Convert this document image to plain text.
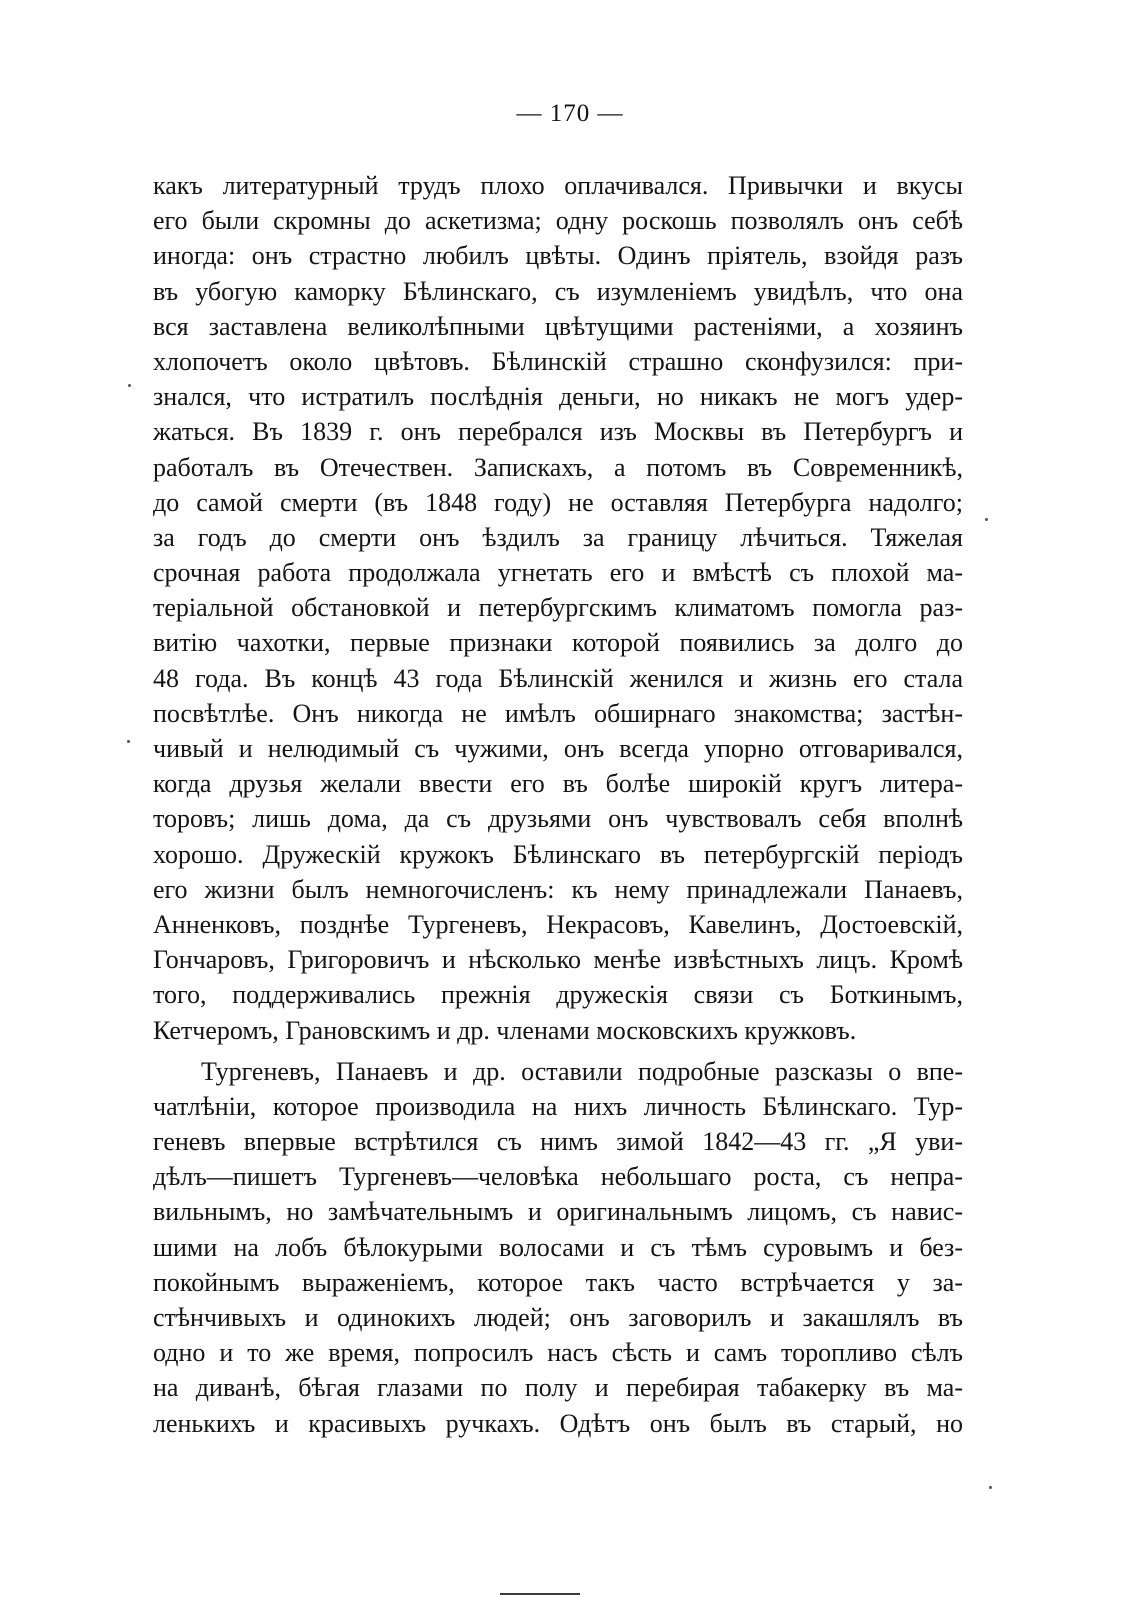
— 170 —
какъ литературный трудъ плохо оплачивался. Привычки и вкусы
его были скромны до аскетизма; одну роскошь позволялъ онъ себѣ
иногда: онъ страстно любилъ цвѣты. Одинъ пріятель, взойдя разъ
въ убогую каморку Бѣлинскаго, съ изумленіемъ увидѣлъ, что она
вся заставлена великолѣпными цвѣтущими растеніями, а хозяинъ
хлопочетъ около цвѣтовъ. Бѣлинскій страшно сконфузился: при-
знался, что истратилъ послѣднія деньги, но никакъ не могъ удер-
жаться. Въ 1839 г. онъ перебрался изъ Москвы въ Петербургъ и
работалъ въ Отечествен. Запискахъ, а потомъ въ Современникѣ,
до самой смерти (въ 1848 году) не оставляя Петербурга надолго;
за годъ до смерти онъ ѣздилъ за границу лѣчиться. Тяжелая
срочная работа продолжала угнетать его и вмѣстѣ съ плохой ма-
теріальной обстановкой и петербургскимъ климатомъ помогла раз-
витію чахотки, первые признаки которой появились за долго до
48 года. Въ концѣ 43 года Бѣлинскій женился и жизнь его стала
посвѣтлѣе. Онъ никогда не имѣлъ обширнаго знакомства; застѣн-
чивый и нелюдимый съ чужими, онъ всегда упорно отговаривался,
когда друзья желали ввести его въ болѣе широкій кругъ литера-
торовъ; лишь дома, да съ друзьями онъ чувствовалъ себя вполнѣ
хорошо. Дружескій кружокъ Бѣлинскаго въ петербургскій періодъ
его жизни былъ немногочисленъ: къ нему принадлежали Панаевъ,
Анненковъ, позднѣе Тургеневъ, Некрасовъ, Кавелинъ, Достоевскій,
Гончаровъ, Григоровичъ и нѣсколько менѣе извѣстныхъ лицъ. Кромѣ
того, поддерживались прежнія дружескія связи съ Боткинымъ,
Кетчеромъ, Грановскимъ и др. членами московскихъ кружковъ.
Тургеневъ, Панаевъ и др. оставили подробные разсказы о впе-
чатлѣніи, которое производила на нихъ личность Бѣлинскаго. Тур-
геневъ впервые встрѣтился съ нимъ зимой 1842—43 гг. „Я уви-
дѣлъ—пишетъ Тургеневъ—человѣка небольшаго роста, съ непра-
вильнымъ, но замѣчательнымъ и оригинальнымъ лицомъ, съ навис-
шими на лобъ бѣлокурыми волосами и съ тѣмъ суровымъ и без-
покойнымъ выраженіемъ, которое такъ часто встрѣчается у за-
стѣнчивыхъ и одинокихъ людей; онъ заговорилъ и закашлялъ въ
одно и то же время, попросилъ насъ сѣсть и самъ торопливо сѣлъ
на диванѣ, бѣгая глазами по полу и перебирая табакерку въ ма-
ленькихъ и красивыхъ ручкахъ. Одѣтъ онъ былъ въ старый, но
